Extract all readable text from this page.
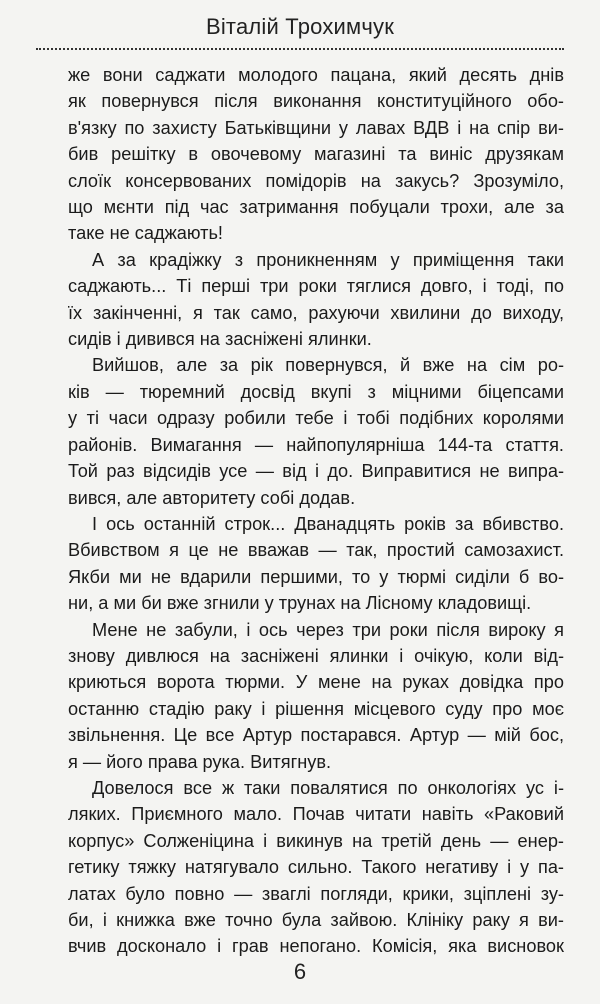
Віталій Трохимчук
же вони саджати молодого пацана, який десять днів
як повернувся після виконання конституційного обо-
в'язку по захисту Батьківщини у лавах ВДВ і на спір ви-
бив решітку в овочевому магазині та виніс друзякам
слоїк консервованих помідорів на закусь? Зрозуміло,
що мєнти під час затримання побуцали трохи, але за
таке не саджають!
А за крадіжку з проникненням у приміщення таки
саджають... Ті перші три роки тяглися довго, і тоді, по
їх закінченні, я так само, рахуючи хвилини до виходу,
сидів і дивився на засніжені ялинки.
Вийшов, але за рік повернувся, й вже на сім ро-
ків — тюремний досвід вкупі з міцними біцепсами
у ті часи одразу робили тебе і тобі подібних королями
районів. Вимагання — найпопулярніша 144-та стаття.
Той раз відсидів усе — від і до. Виправитися не випра-
вився, але авторитету собі додав.
І ось останній строк... Дванадцять років за вбивство.
Вбивством я це не вважав — так, простий самозахист.
Якби ми не вдарили першими, то у тюрмі сиділи б во-
ни, а ми би вже згнили у трунах на Лісному кладовищі.
Мене не забули, і ось через три роки після вироку я
знову дивлюся на засніжені ялинки і очікую, коли від-
криються ворота тюрми. У мене на руках довідка про
останню стадію раку і рішення місцевого суду про моє
звільнення. Це все Артур постарався. Артур — мій бос,
я — його права рука. Витягнув.
Довелося все ж таки повалятися по онкологіях ус і-
ляких. Приємного мало. Почав читати навіть «Раковий
корпус» Солженіцина і викинув на третій день — енер-
гетику тяжку натягувало сильно. Такого негативу і у па-
латах було повно — зваглі погляди, крики, зціплені зу-
би, і книжка вже точно була зайвою. Клініку раку я ви-
вчив досконало і грав непогано. Комісія, яка висновок
6
